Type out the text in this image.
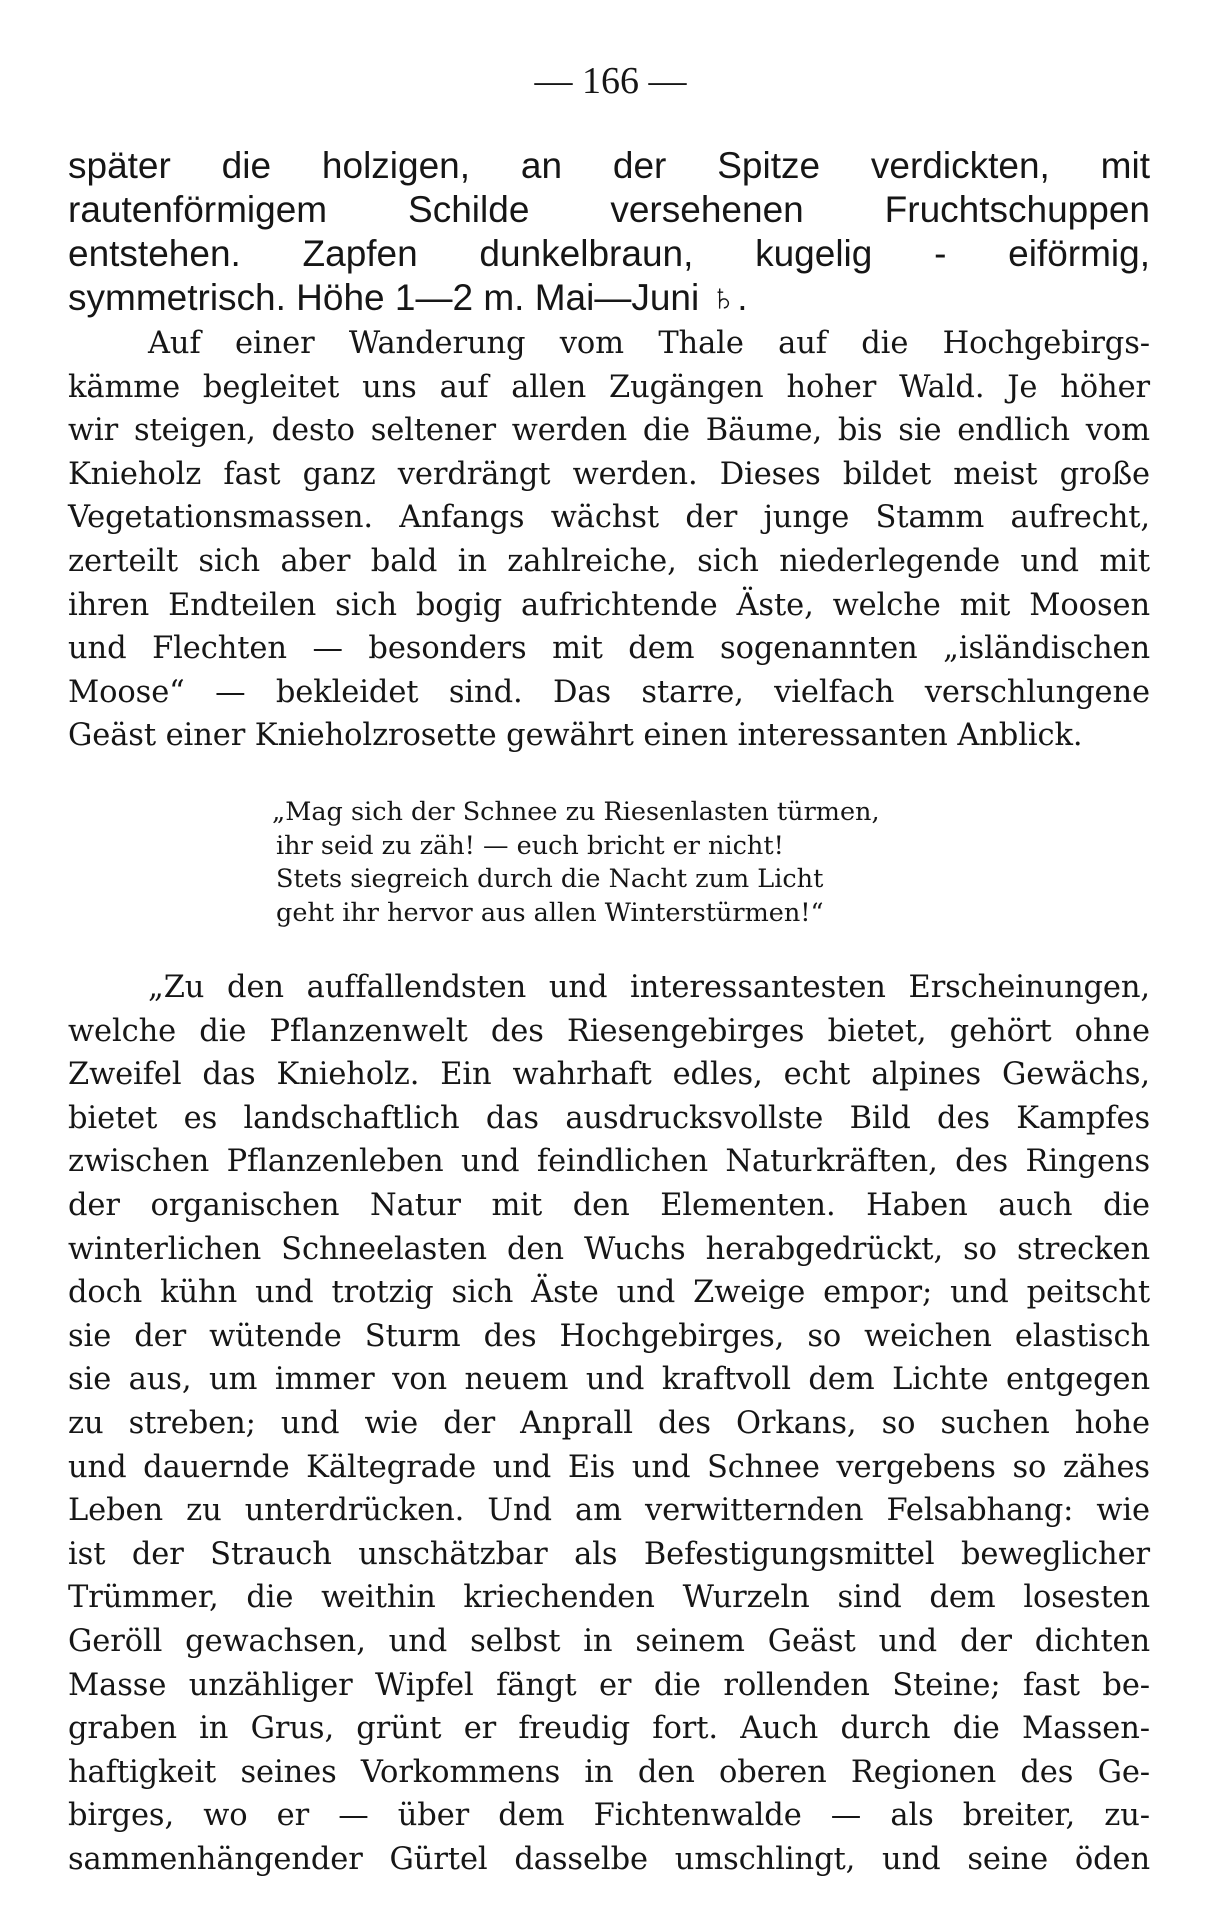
— 166 —
später die holzigen, an der Spitze verdickten, mit
rautenförmigem Schilde versehenen Fruchtschuppen
entstehen. Zapfen dunkelbraun, kugelig - eiförmig,
symmetrisch. Höhe 1—2 m. Mai—Juni ♄.
Auf einer Wanderung vom Thale auf die Hochgebirgs-
kämme begleitet uns auf allen Zugängen hoher Wald. Je höher
wir steigen, desto seltener werden die Bäume, bis sie endlich vom
Knieholz fast ganz verdrängt werden. Dieses bildet meist große
Vegetationsmassen. Anfangs wächst der junge Stamm aufrecht,
zerteilt sich aber bald in zahlreiche, sich niederlegende und mit
ihren Endteilen sich bogig aufrichtende Äste, welche mit Moosen
und Flechten — besonders mit dem sogenannten „isländischen
Moose“ — bekleidet sind. Das starre, vielfach verschlungene
Geäst einer Knieholzrosette gewährt einen interessanten Anblick.
„Mag sich der Schnee zu Riesenlasten türmen,
ihr seid zu zäh! — euch bricht er nicht!
Stets siegreich durch die Nacht zum Licht
geht ihr hervor aus allen Winterstürmen!“
„Zu den auffallendsten und interessantesten Erscheinungen,
welche die Pflanzenwelt des Riesengebirges bietet, gehört ohne
Zweifel das Knieholz. Ein wahrhaft edles, echt alpines Gewächs,
bietet es landschaftlich das ausdrucksvollste Bild des Kampfes
zwischen Pflanzenleben und feindlichen Naturkräften, des Ringens
der organischen Natur mit den Elementen. Haben auch die
winterlichen Schneelasten den Wuchs herabgedrückt, so strecken
doch kühn und trotzig sich Äste und Zweige empor; und peitscht
sie der wütende Sturm des Hochgebirges, so weichen elastisch
sie aus, um immer von neuem und kraftvoll dem Lichte entgegen
zu streben; und wie der Anprall des Orkans, so suchen hohe
und dauernde Kältegrade und Eis und Schnee vergebens so zähes
Leben zu unterdrücken. Und am verwitternden Felsabhang: wie
ist der Strauch unschätzbar als Befestigungsmittel beweglicher
Trümmer, die weithin kriechenden Wurzeln sind dem losesten
Geröll gewachsen, und selbst in seinem Geäst und der dichten
Masse unzähliger Wipfel fängt er die rollenden Steine; fast be-
graben in Grus, grünt er freudig fort. Auch durch die Massen-
haftigkeit seines Vorkommens in den oberen Regionen des Ge-
birges, wo er — über dem Fichtenwalde — als breiter, zu-
sammenhängender Gürtel dasselbe umschlingt, und seine öden
